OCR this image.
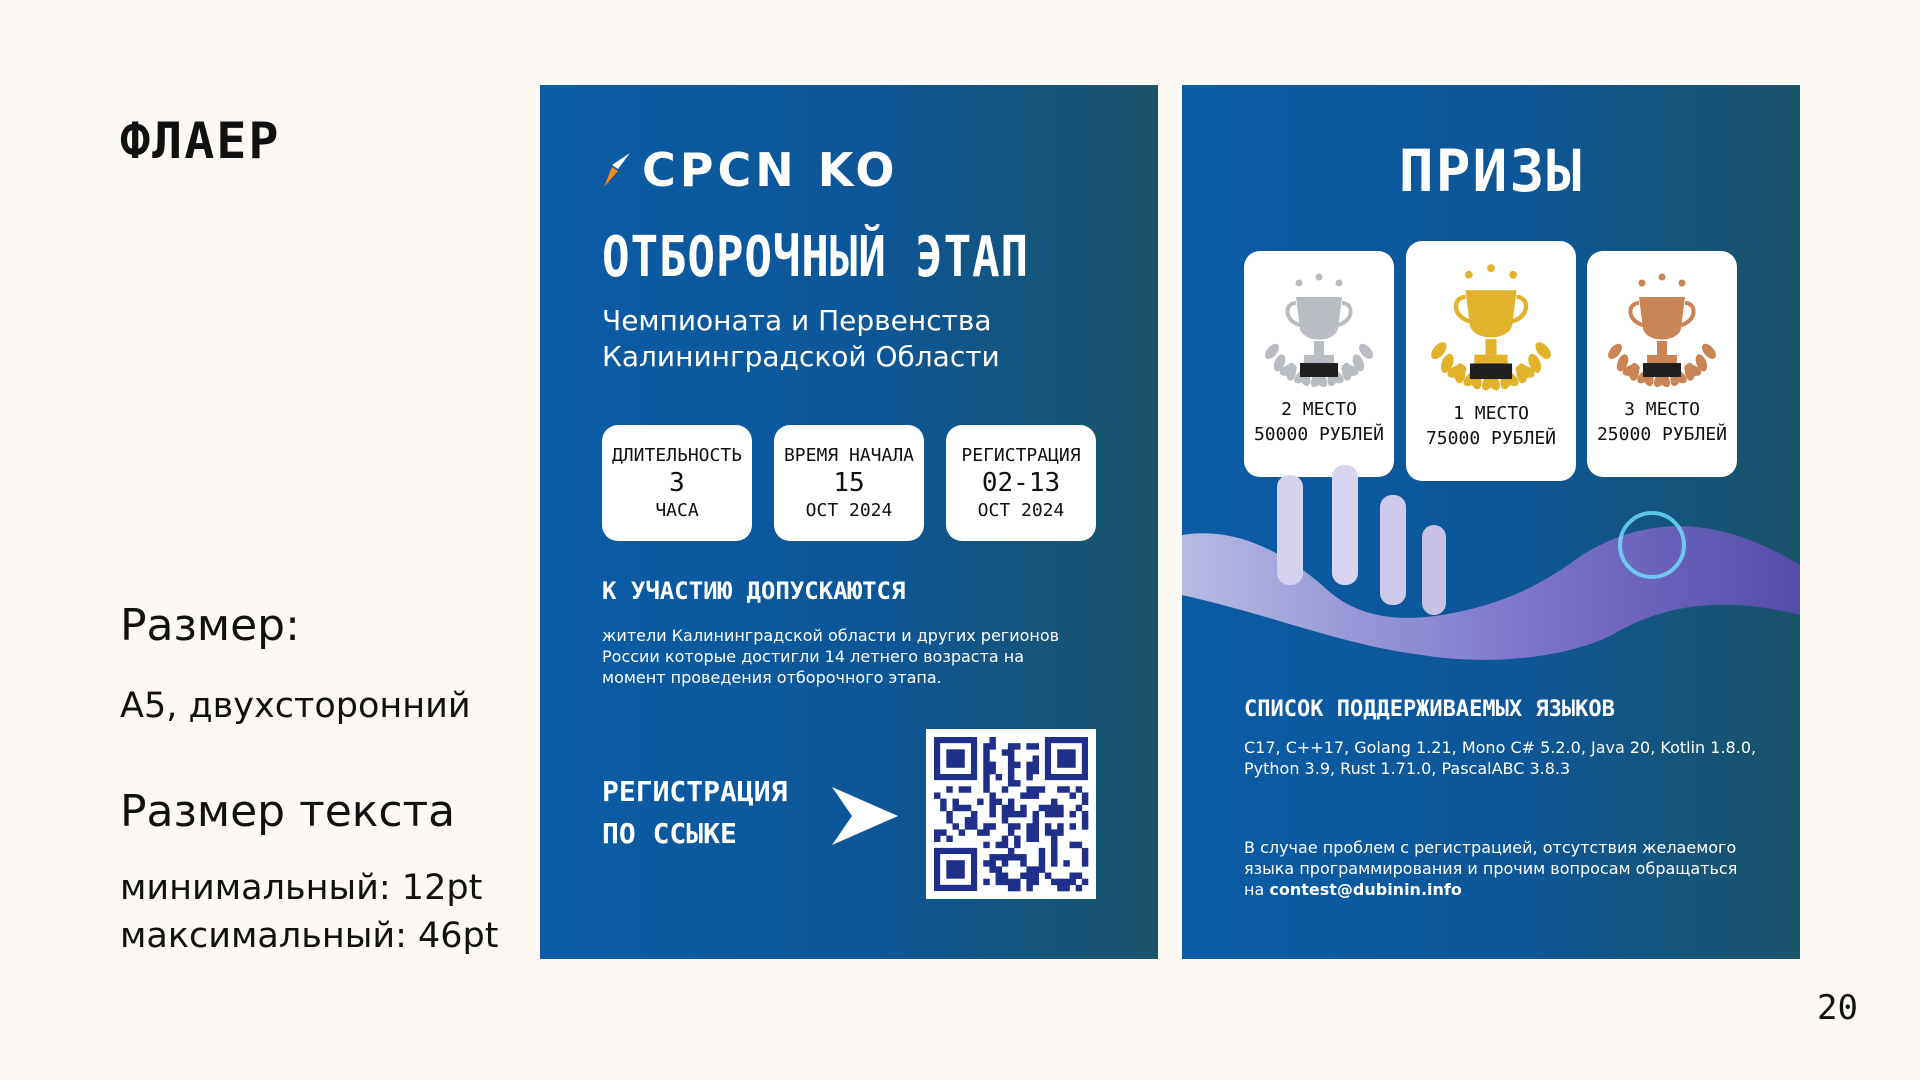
ФЛАЕР
Размер:
А5, двухсторонний
Размер текста
минимальный: 12pt
максимальный: 46pt
20
CPCN KO
ОТБОРОЧНЫЙ ЭТАП
Чемпионата и Первенства
Калининградской Области
ДЛИТЕЛЬНОСТЬ
3
ЧАСА
ВРЕМЯ НАЧАЛА
15
OCT 2024
РЕГИСТРАЦИЯ
02-13
OCT 2024
К УЧАСТИЮ ДОПУСКАЮТСЯ
жители Калининградской области и других регионов России которые достигли 14 летнего возраста на момент проведения отборочного этапа.
РЕГИСТРАЦИЯ
ПО ССЫКЕ
ПРИЗЫ
2 МЕСТО
50000 РУБЛЕЙ
1 МЕСТО
75000 РУБЛЕЙ
3 МЕСТО
25000 РУБЛЕЙ
СПИСОК ПОДДЕРЖИВАЕМЫХ ЯЗЫКОВ
C17, C++17, Golang 1.21, Mono C# 5.2.0, Java 20, Kotlin 1.8.0, Python 3.9, Rust 1.71.0, PascalABC 3.8.3
В случае проблем с регистрацией, отсутствия желаемого языка программирования и прочим вопросам обращаться на contest@dubinin.info
